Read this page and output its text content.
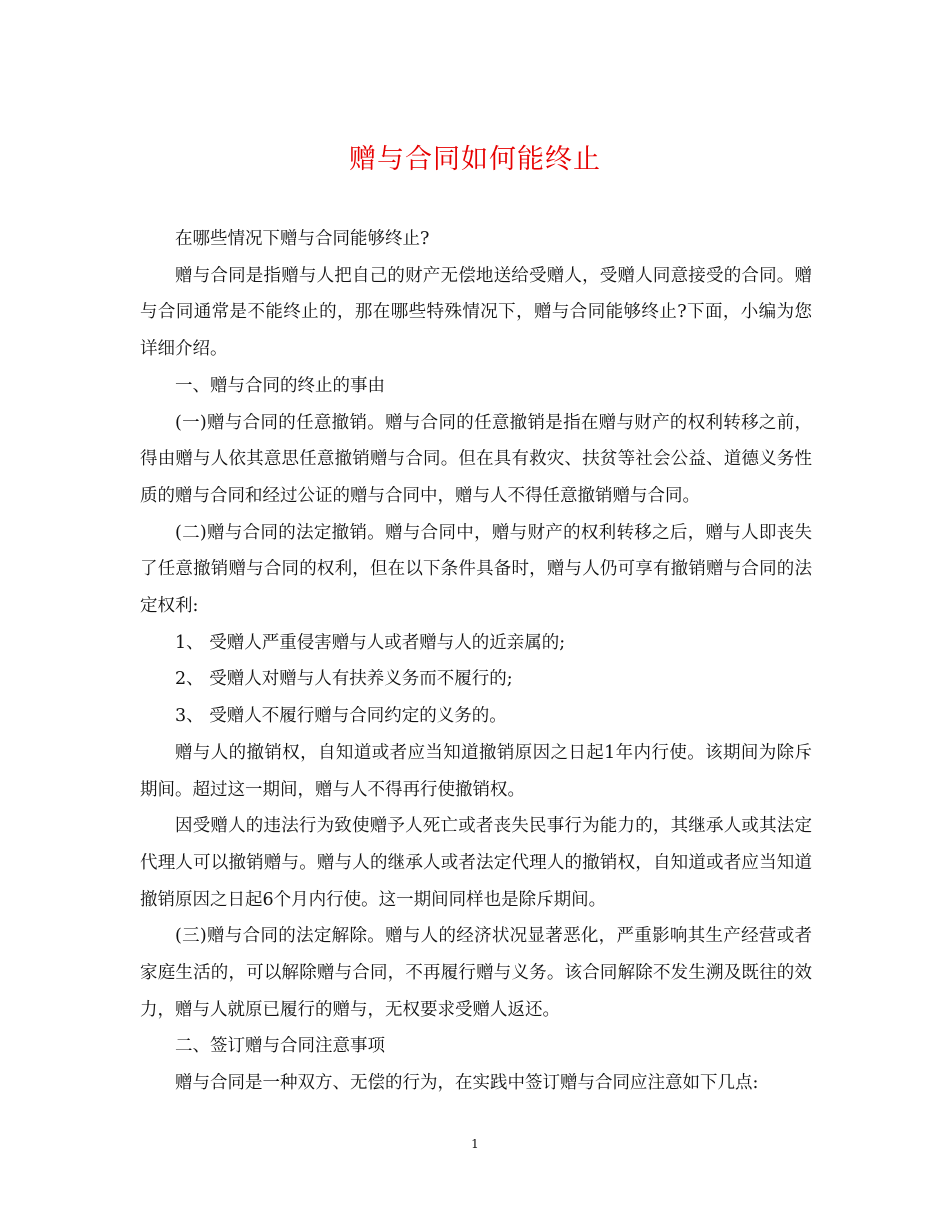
赠与合同如何能终止

在哪些情况下赠与合同能够终止?

赠与合同是指赠与人把自己的财产无偿地送给受赠人，受赠人同意接受的合同。赠与合同通常是不能终止的，那在哪些特殊情况下，赠与合同能够终止?下面，小编为您详细介绍。

一、赠与合同的终止的事由

(一)赠与合同的任意撤销。赠与合同的任意撤销是指在赠与财产的权利转移之前，得由赠与人依其意思任意撤销赠与合同。但在具有救灾、扶贫等社会公益、道德义务性质的赠与合同和经过公证的赠与合同中，赠与人不得任意撤销赠与合同。

(二)赠与合同的法定撤销。赠与合同中，赠与财产的权利转移之后，赠与人即丧失了任意撤销赠与合同的权利，但在以下条件具备时，赠与人仍可享有撤销赠与合同的法定权利:

1、 受赠人严重侵害赠与人或者赠与人的近亲属的;

2、 受赠人对赠与人有扶养义务而不履行的;

3、 受赠人不履行赠与合同约定的义务的。

赠与人的撤销权，自知道或者应当知道撤销原因之日起1年内行使。该期间为除斥期间。超过这一期间，赠与人不得再行使撤销权。

因受赠人的违法行为致使赠予人死亡或者丧失民事行为能力的，其继承人或其法定代理人可以撤销赠与。赠与人的继承人或者法定代理人的撤销权，自知道或者应当知道撤销原因之日起6个月内行使。这一期间同样也是除斥期间。

(三)赠与合同的法定解除。赠与人的经济状况显著恶化，严重影响其生产经营或者家庭生活的，可以解除赠与合同，不再履行赠与义务。该合同解除不发生溯及既往的效力，赠与人就原已履行的赠与，无权要求受赠人返还。

二、签订赠与合同注意事项

赠与合同是一种双方、无偿的行为，在实践中签订赠与合同应注意如下几点:

1
